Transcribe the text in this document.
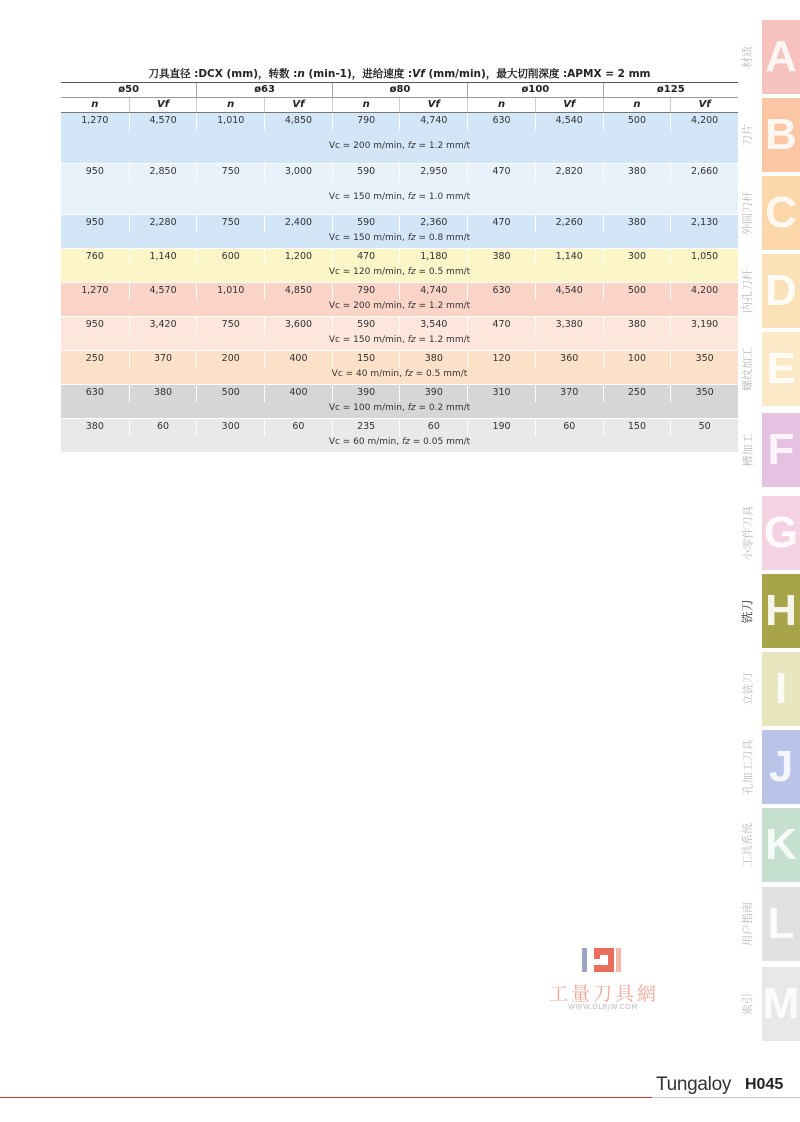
刀具直径 :DCX (mm)，转数 :n (min-1)，进给速度 :Vf (mm/min)，最大切削深度 :APMX = 2 mm
ø50	ø63	ø80	ø100	ø125
n	Vf	n	Vf	n	Vf	n	Vf	n	Vf
1,270	4,570	1,010	4,850	790	4,740	630	4,540	500	4,200
Vc = 200 m/min, fz = 1.2 mm/t
950	2,850	750	3,000	590	2,950	470	2,820	380	2,660
Vc = 150 m/min, fz = 1.0 mm/t
950	2,280	750	2,400	590	2,360	470	2,260	380	2,130
Vc = 150 m/min, fz = 0.8 mm/t
760	1,140	600	1,200	470	1,180	380	1,140	300	1,050
Vc = 120 m/min, fz = 0.5 mm/t
1,270	4,570	1,010	4,850	790	4,740	630	4,540	500	4,200
Vc = 200 m/min, fz = 1.2 mm/t
950	3,420	750	3,600	590	3,540	470	3,380	380	3,190
Vc = 150 m/min, fz = 1.2 mm/t
250	370	200	400	150	380	120	360	100	350
Vc = 40 m/min, fz = 0.5 mm/t
630	380	500	400	390	390	310	370	250	350
Vc = 100 m/min, fz = 0.2 mm/t
380	60	300	60	235	60	190	60	150	50
Vc = 60 m/min, fz = 0.05 mm/t
材质 A
刀片 B
外圆刀杆 C
内孔刀杆 D
螺纹加工 E
槽加工 F
小零件刀具 G
铣刀 H
立铣刀 I
孔加工刀具 J
工具系统 K
用户指南 L
索引 M
工量刀具網
WWW.GLRJW.COM
Tungaloy H045
